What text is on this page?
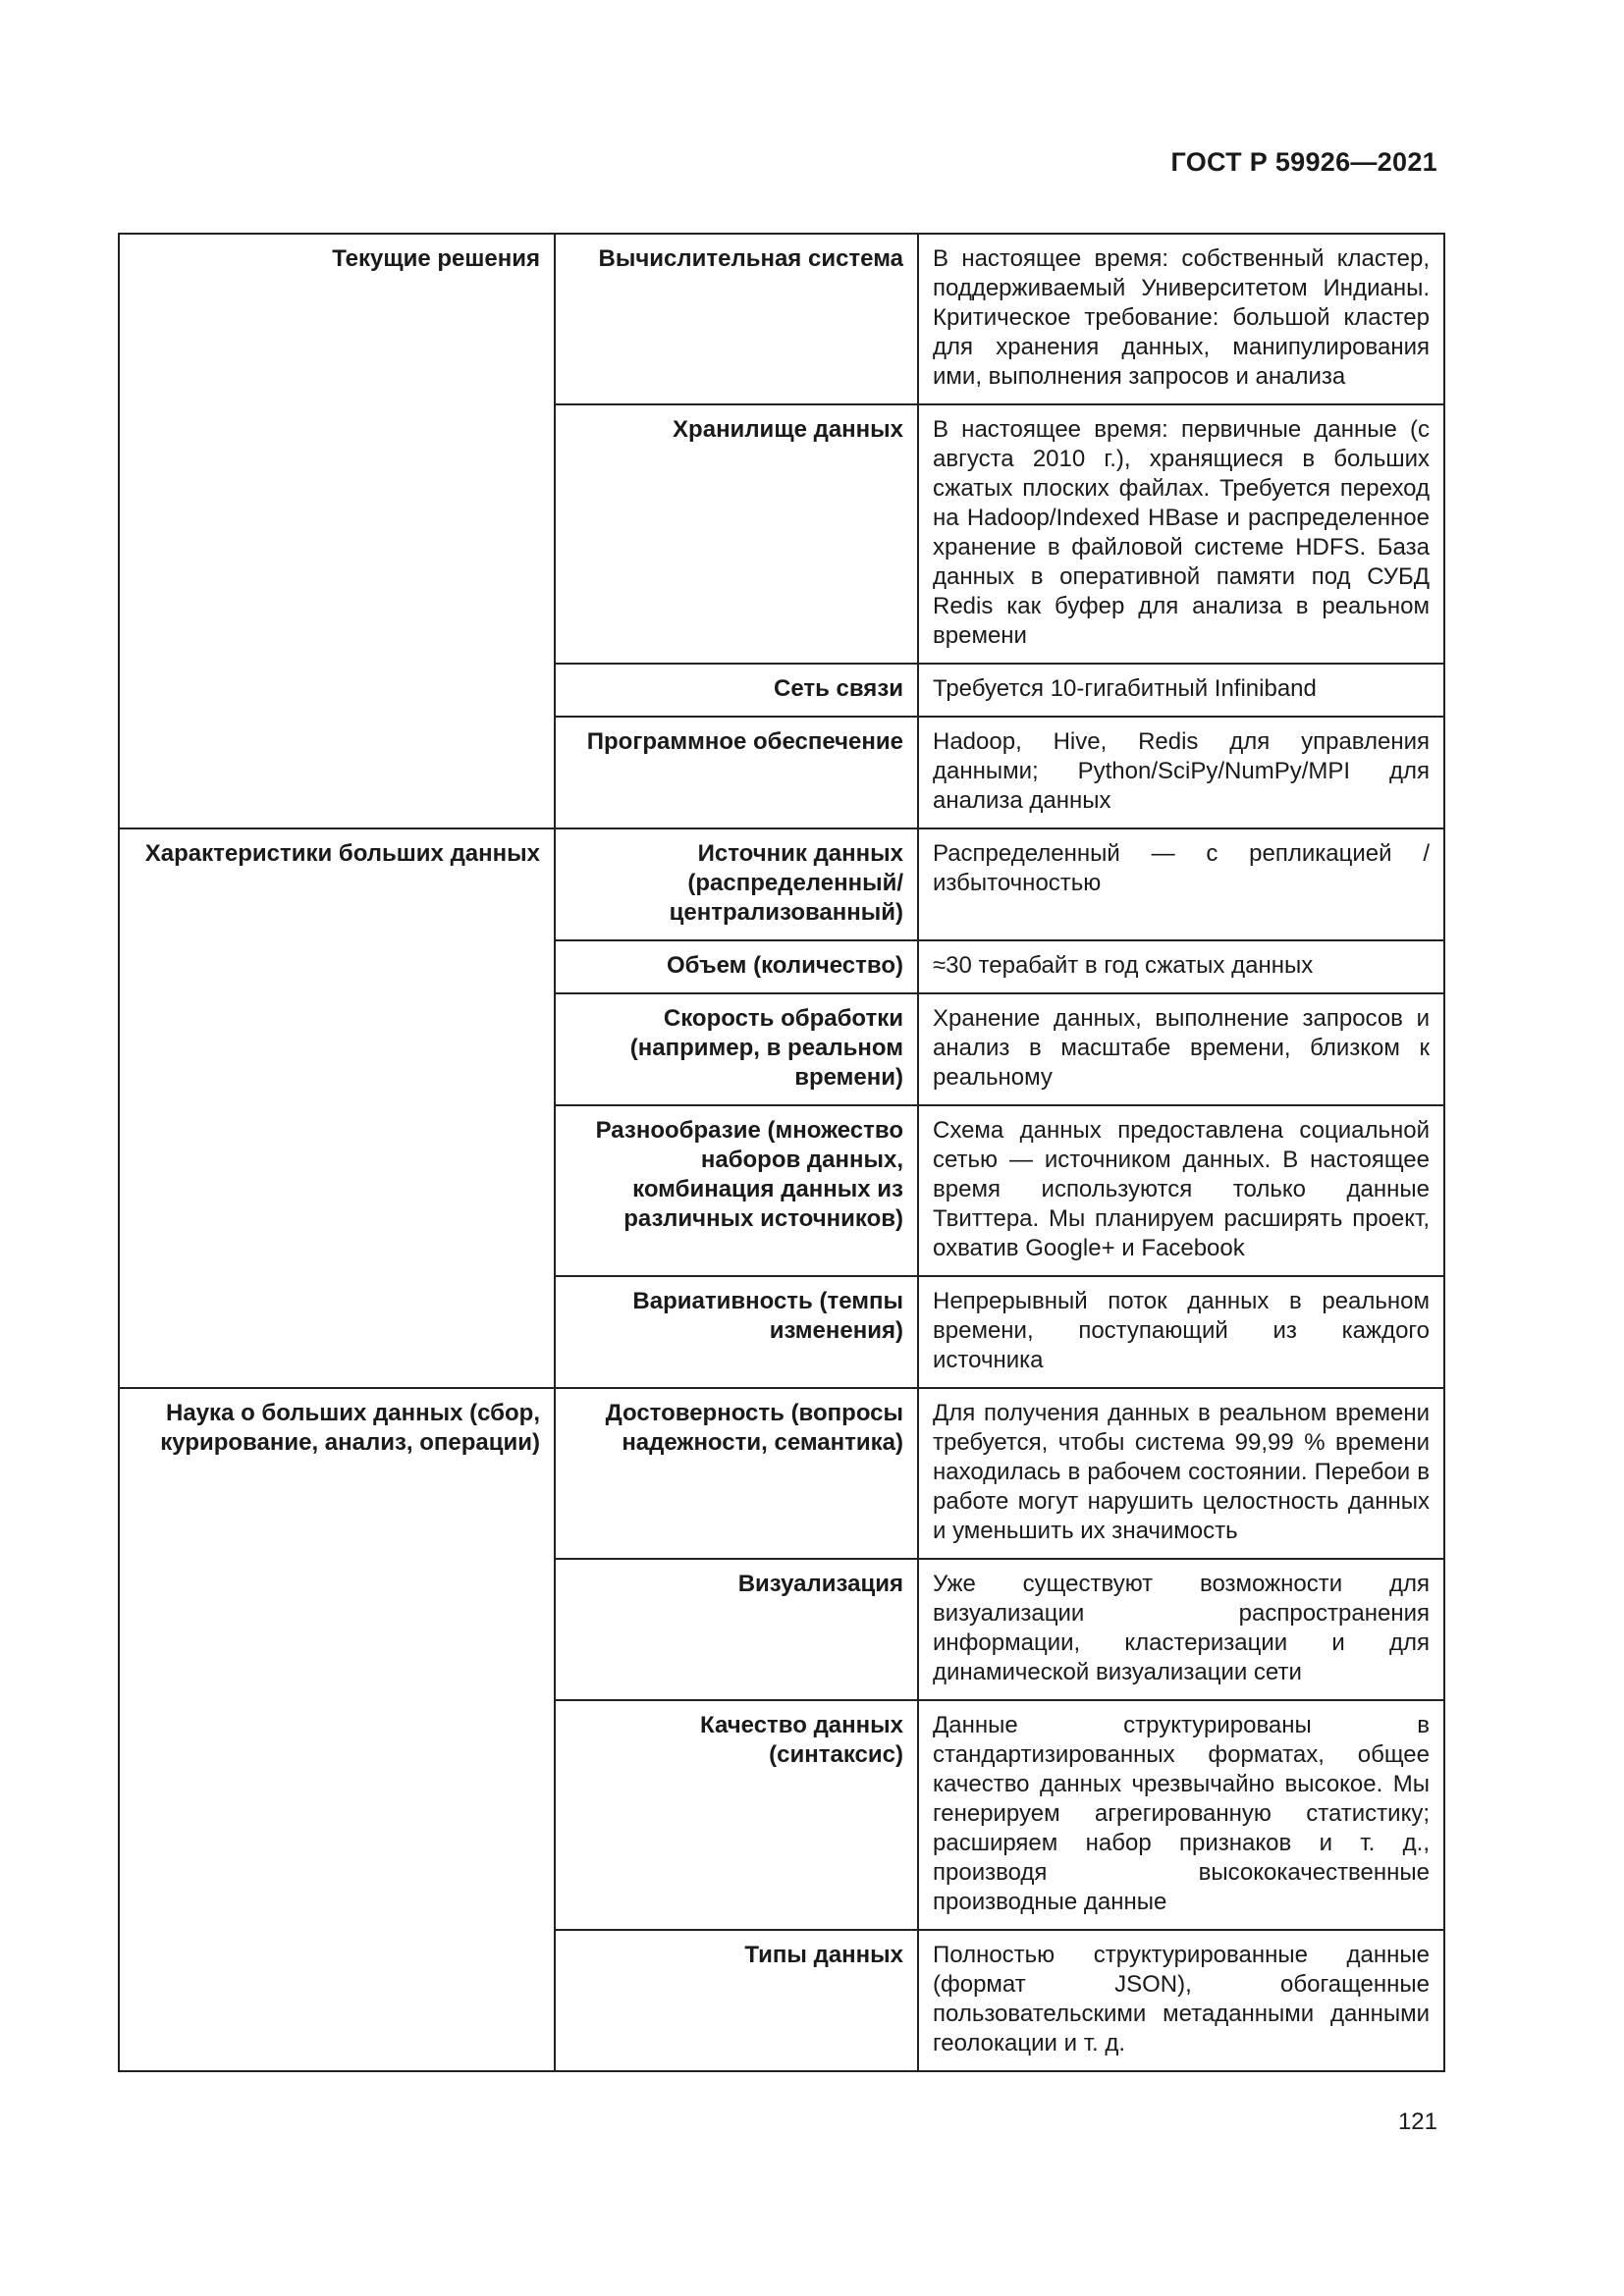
ГОСТ Р 59926—2021
Текущие решения	Вычислительная система	В настоящее время: собственный кластер, поддерживаемый Университетом Индианы. Критическое требование: большой кластер для хранения данных, манипулирования ими, выполнения запросов и анализа
	Хранилище данных	В настоящее время: первичные данные (с августа 2010 г.), хранящиеся в больших сжатых плоских файлах. Требуется переход на Hadoop/Indexed HBase и распределенное хранение в файловой системе HDFS. База данных в оперативной памяти под СУБД Redis как буфер для анализа в реальном времени
	Сеть связи	Требуется 10-гигабитный Infiniband
	Программное обеспечение	Hadoop, Hive, Redis для управления данными; Python/SciPy/NumPy/MPI для анализа данных
Характеристики больших данных	Источник данных (распределенный/ централизованный)	Распределенный — с репликацией / избыточностью
	Объем (количество)	≈30 терабайт в год сжатых данных
	Скорость обработки (например, в реальном времени)	Хранение данных, выполнение запросов и анализ в масштабе времени, близком к реальному
	Разнообразие (множество наборов данных, комбинация данных из различных источников)	Схема данных предоставлена социальной сетью — источником данных. В настоящее время используются только данные Твиттера. Мы планируем расширять проект, охватив Google+ и Facebook
	Вариативность (темпы изменения)	Непрерывный поток данных в реальном времени, поступающий из каждого источника
Наука о больших данных (сбор, курирование, анализ, операции)	Достоверность (вопросы надежности, семантика)	Для получения данных в реальном времени требуется, чтобы система 99,99 % времени находилась в рабочем состоянии. Перебои в работе могут нарушить целостность данных и уменьшить их значимость
	Визуализация	Уже существуют возможности для визуализации распространения информации, кластеризации и для динамической визуализации сети
	Качество данных (синтаксис)	Данные структурированы в стандартизированных форматах, общее качество данных чрезвычайно высокое. Мы генерируем агрегированную статистику; расширяем набор признаков и т. д., производя высококачественные производные данные
	Типы данных	Полностью структурированные данные (формат JSON), обогащенные пользовательскими метаданными данными геолокации и т. д.
121
